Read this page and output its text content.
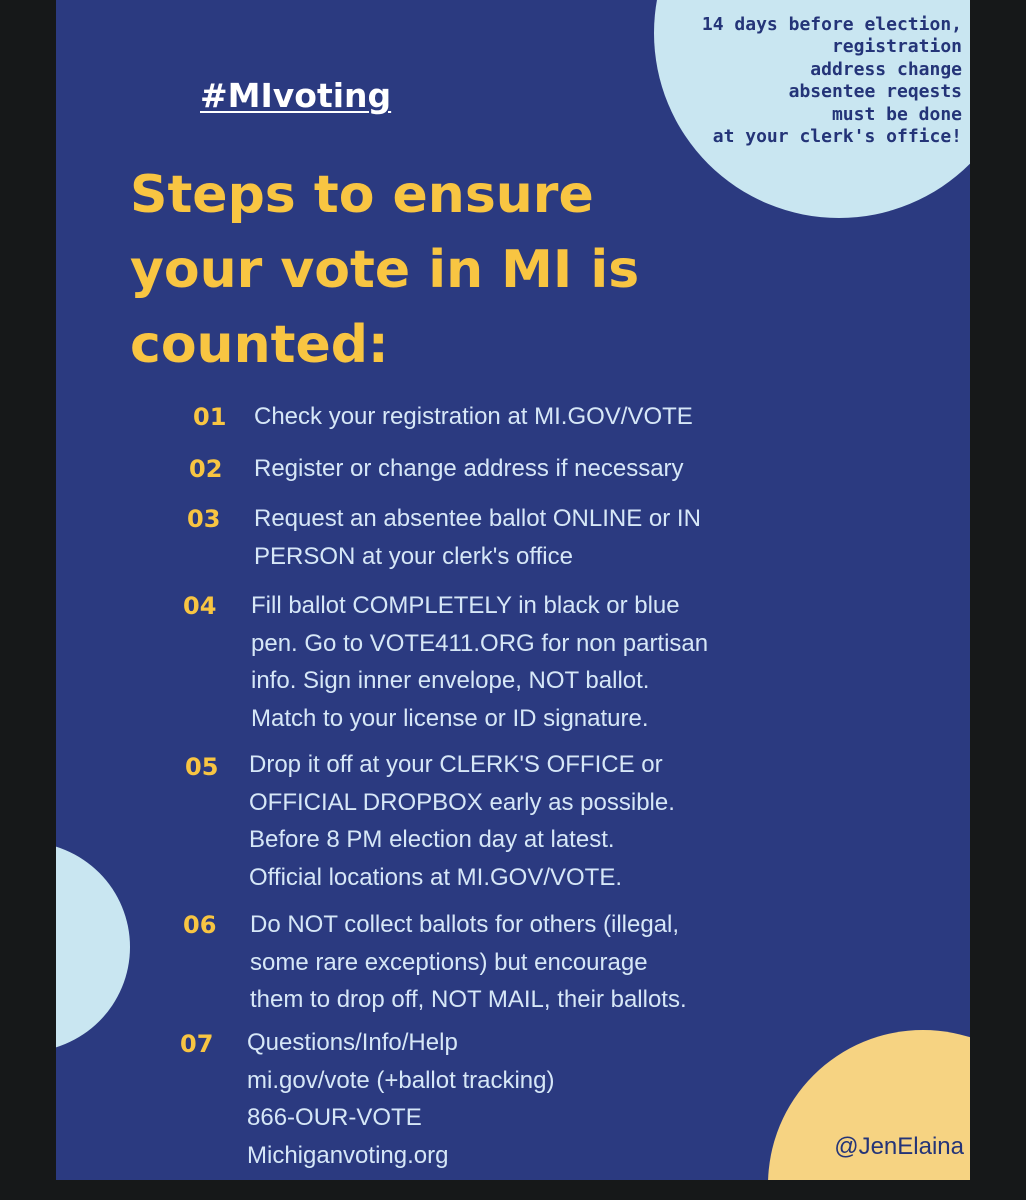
14 days before election,
registration
address change
absentee reqests
must be done
at your clerk's office!

#MIvoting

Steps to ensure
your vote in MI is
counted:

01 Check your registration at MI.GOV/VOTE

02 Register or change address if necessary

03 Request an absentee ballot ONLINE or IN
PERSON at your clerk's office

04 Fill ballot COMPLETELY in black or blue
pen. Go to VOTE411.ORG for non partisan
info. Sign inner envelope, NOT ballot.
Match to your license or ID signature.

05 Drop it off at your CLERK'S OFFICE or
OFFICIAL DROPBOX early as possible.
Before 8 PM election day at latest.
Official locations at MI.GOV/VOTE.

06 Do NOT collect ballots for others (illegal,
some rare exceptions) but encourage
them to drop off, NOT MAIL, their ballots.

07 Questions/Info/Help
mi.gov/vote (+ballot tracking)
866-OUR-VOTE
Michiganvoting.org	@JenElaina
